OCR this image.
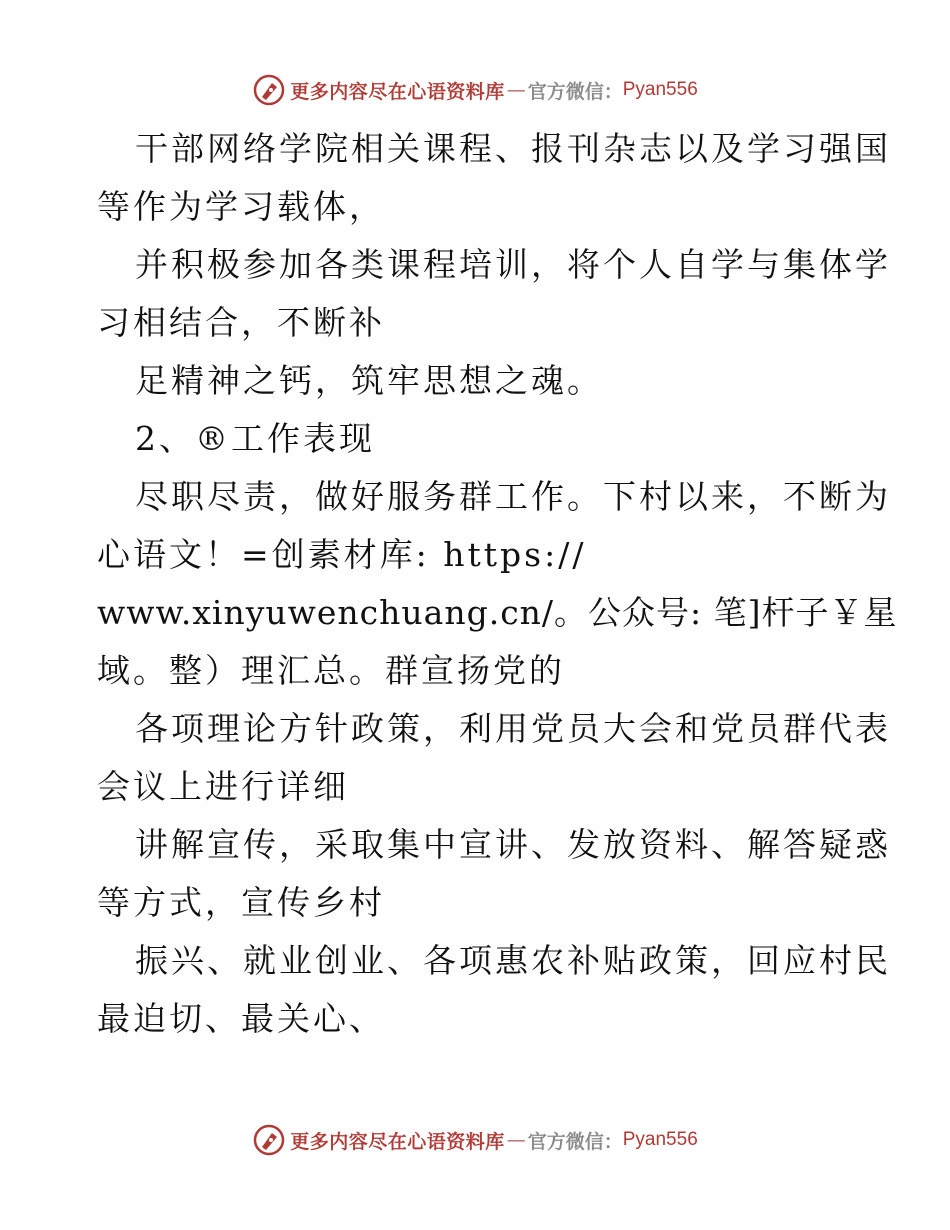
更多内容尽在心语资料库 — 官方微信： Pyan556
干部网络学院相关课程、报刊杂志以及学习强国
等作为学习载体，
并积极参加各类课程培训，将个人自学与集体学
习相结合，不断补
足精神之钙，筑牢思想之魂。
2、®工作表现
尽职尽责，做好服务群工作。下村以来，不断为
心语文！=创素材库: https://
www.xinyuwenchuang.cn/。公众号: 笔]杆子￥星
域。整）理汇总。群宣扬党的
各项理论方针政策，利用党员大会和党员群代表
会议上进行详细
讲解宣传，采取集中宣讲、发放资料、解答疑惑
等方式，宣传乡村
振兴、就业创业、各项惠农补贴政策，回应村民
最迫切、最关心、
更多内容尽在心语资料库 — 官方微信： Pyan556
